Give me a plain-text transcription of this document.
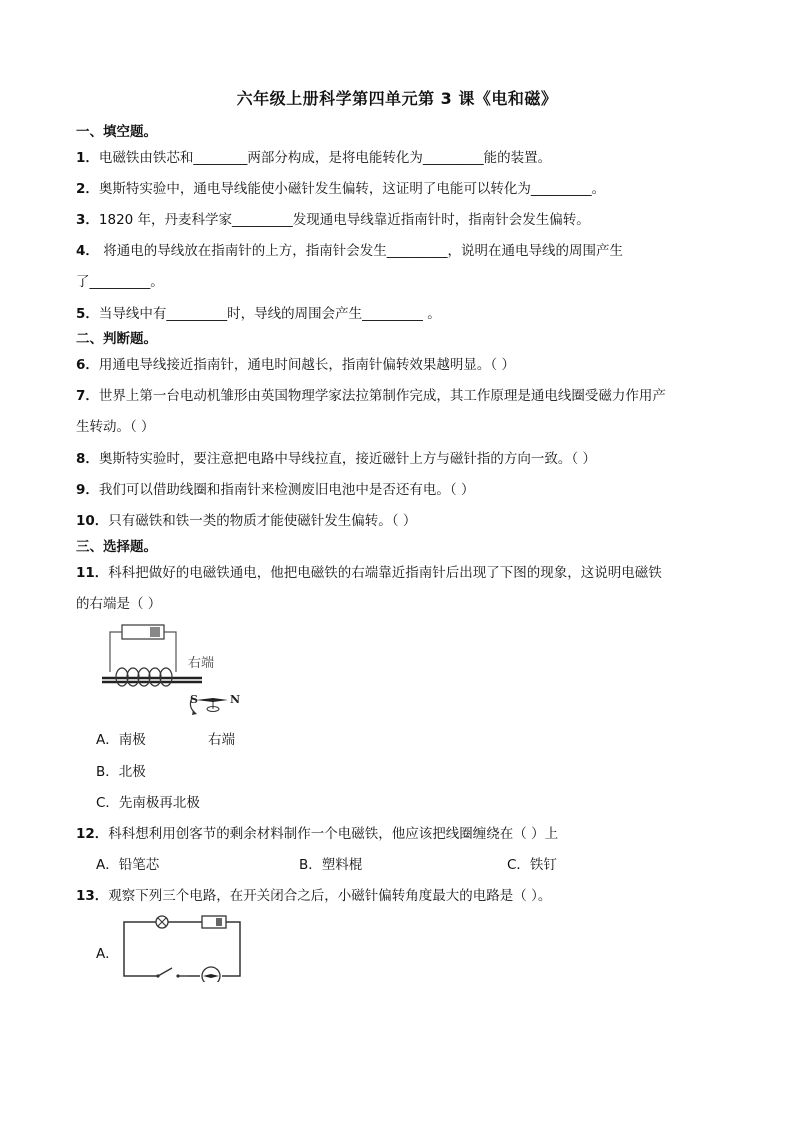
六年级上册科学第四单元第 3 课《电和磁》
一、填空题。
1．电磁铁由铁芯和________两部分构成，是将电能转化为_________能的装置。
2．奥斯特实验中，通电导线能使小磁针发生偏转，这证明了电能可以转化为_________。
3．1820 年，丹麦科学家_________发现通电导线靠近指南针时，指南针会发生偏转。
4． 将通电的导线放在指南针的上方，指南针会发生_________，说明在通电导线的周围产生
了_________。
5．当导线中有_________时，导线的周围会产生_________ 。
二、判断题。
6．用通电导线接近指南针，通电时间越长，指南针偏转效果越明显。（ ）
7．世界上第一台电动机雏形由英国物理学家法拉第制作完成，其工作原理是通电线圈受磁力作用产
生转动。（ ）
8．奥斯特实验时，要注意把电路中导线拉直，接近磁针上方与磁针指的方向一致。（ ）
9．我们可以借助线圈和指南针来检测废旧电池中是否还有电。（ ）
10．只有磁铁和铁一类的物质才能使磁针发生偏转。（ ）
三、选择题。
11．科科把做好的电磁铁通电，他把电磁铁的右端靠近指南针后出现了下图的现象，这说明电磁铁
的右端是（ ）
右端
S	N
A．南极	右端
B．北极
C．先南极再北极
12．科科想利用创客节的剩余材料制作一个电磁铁，他应该把线圈缠绕在（ ）上
A．铅笔芯	B．塑料棍	C．铁钉
13．观察下列三个电路，在开关闭合之后，小磁针偏转角度最大的电路是（ ）。
A．
